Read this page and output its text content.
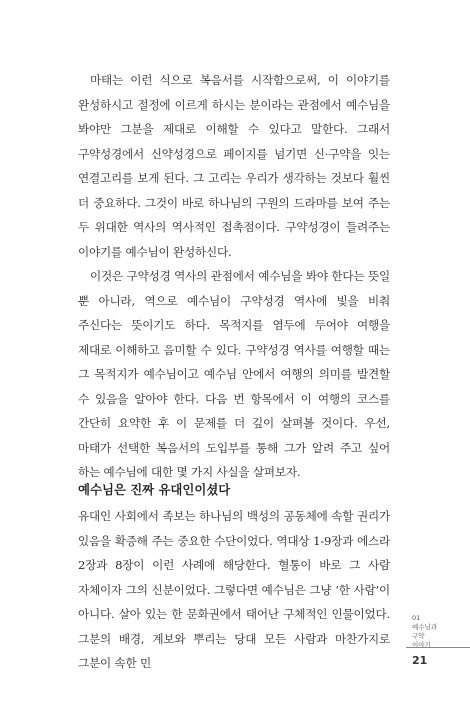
마태는 이런 식으로 복음서를 시작함으로써, 이 이야기를 완성하시고 절정에 이르게 하시는 분이라는 관점에서 예수님을 봐야만 그분을 제대로 이해할 수 있다고 말한다. 그래서 구약성경에서 신약성경으로 페이지를 넘기면 신·구약을 잇는 연결고리를 보게 된다. 그 고리는 우리가 생각하는 것보다 훨씬 더 중요하다. 그것이 바로 하나님의 구원의 드라마를 보여 주는 두 위대한 역사의 역사적인 접촉점이다. 구약성경이 들려주는 이야기를 예수님이 완성하신다.

이것은 구약성경 역사의 관점에서 예수님을 봐야 한다는 뜻일 뿐 아니라, 역으로 예수님이 구약성경 역사에 빛을 비춰 주신다는 뜻이기도 하다. 목적지를 염두에 두어야 여행을 제대로 이해하고 음미할 수 있다. 구약성경 역사를 여행할 때는 그 목적지가 예수님이고 예수님 안에서 여행의 의미를 발견할 수 있음을 알아야 한다. 다음 번 항목에서 이 여행의 코스를 간단히 요약한 후 이 문제를 더 깊이 살펴볼 것이다. 우선, 마태가 선택한 복음서의 도입부를 통해 그가 알려 주고 싶어 하는 예수님에 대한 몇 가지 사실을 살펴보자.

예수님은 진짜 유대인이셨다

유대인 사회에서 족보는 하나님의 백성의 공동체에 속할 권리가 있음을 확증해 주는 중요한 수단이었다. 역대상 1-9장과 에스라 2장과 8장이 이런 사례에 해당한다. 혈통이 바로 그 사람 자체이자 그의 신분이었다. 그렇다면 예수님은 그냥 ‘한 사람’이 아니다. 살아 있는 한 문화권에서 태어난 구체적인 인물이었다. 그분의 배경, 계보와 뿌리는 당대 모든 사람과 마찬가지로 그분이 속한 민

01
예수님과
구약
이야기
21
